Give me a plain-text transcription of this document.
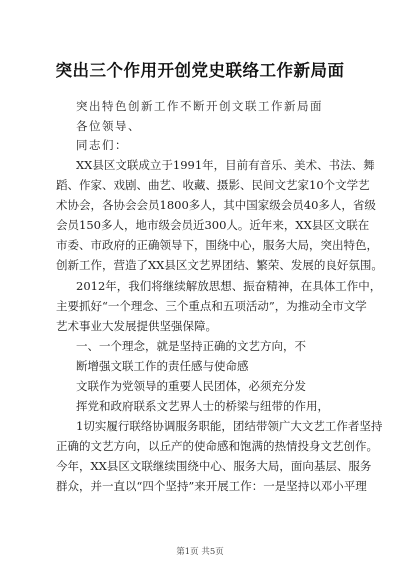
突出三个作用开创党史联络工作新局面
突出特色创新工作不断开创文联工作新局面
各位领导、
同志们：
XX县区文联成立于1991年，目前有音乐、美术、书法、舞
蹈、作家、戏剧、曲艺、收藏、摄影、民间文艺家10个文学艺
术协会，各协会会员1800多人，其中国家级会员40多人，省级
会员150多人，地市级会员近300人。近年来，XX县区文联在
市委、市政府的正确领导下，围绕中心，服务大局，突出特色，
创新工作，营造了XX县区文艺界团结、繁荣、发展的良好氛围。
2012年，我们将继续解放思想、振奋精神，在具体工作中，
主要抓好“一个理念、三个重点和五项活动”，为推动全市文学
艺术事业大发展提供坚强保障。
一、一个理念，就是坚持正确的文艺方向，不
断增强文联工作的责任感与使命感
文联作为党领导的重要人民团体，必须充分发
挥党和政府联系文艺界人士的桥梁与纽带的作用，
1切实履行联络协调服务职能，团结带领广大文艺工作者坚持
正确的文艺方向，以丘产的使命感和饱满的热情投身文艺创作。
今年，XX县区文联继续围绕中心、服务大局，面向基层、服务
群众，并一直以“四个坚持”来开展工作：一是坚持以邓小平理
第1页 共5页
